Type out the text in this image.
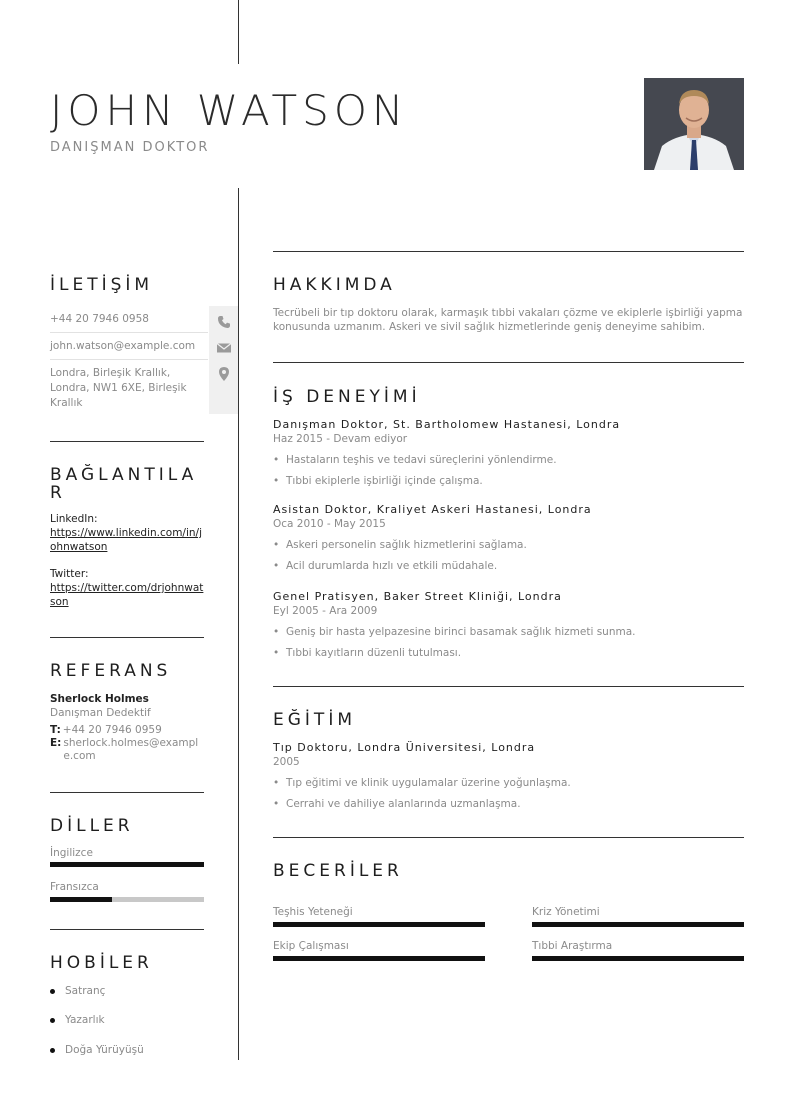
JOHN WATSON
DANIŞMAN DOKTOR
İLETİŞİM
+44 20 7946 0958
john.watson@example.com
Londra, Birleşik Krallık, Londra, NW1 6XE, Birleşik Krallık
BAĞLANTILA R
LinkedIn:
https://www.linkedin.com/in/johnwatson
Twitter:
https://twitter.com/drjohnwatson
REFERANS
Sherlock Holmes
Danışman Dedektif
T: +44 20 7946 0959
E: sherlock.holmes@example.com
DİLLER
İngilizce
Fransızca
HOBİLER
Satranç
Yazarlık
Doğa Yürüyüşü
HAKKIMDA
Tecrübeli bir tıp doktoru olarak, karmaşık tıbbi vakaları çözme ve ekiplerle işbirliği yapma konusunda uzmanım. Askeri ve sivil sağlık hizmetlerinde geniş deneyime sahibim.
İŞ DENEYİMİ
Danışman Doktor, St. Bartholomew Hastanesi, Londra
Haz 2015 - Devam ediyor
• Hastaların teşhis ve tedavi süreçlerini yönlendirme.
• Tıbbi ekiplerle işbirliği içinde çalışma.
Asistan Doktor, Kraliyet Askeri Hastanesi, Londra
Oca 2010 - May 2015
• Askeri personelin sağlık hizmetlerini sağlama.
• Acil durumlarda hızlı ve etkili müdahale.
Genel Pratisyen, Baker Street Kliniği, Londra
Eyl 2005 - Ara 2009
• Geniş bir hasta yelpazesine birinci basamak sağlık hizmeti sunma.
• Tıbbi kayıtların düzenli tutulması.
EĞİTİM
Tıp Doktoru, Londra Üniversitesi, Londra
2005
• Tıp eğitimi ve klinik uygulamalar üzerine yoğunlaşma.
• Cerrahi ve dahiliye alanlarında uzmanlaşma.
BECERİLER
Teşhis Yeteneği	Kriz Yönetimi
Ekip Çalışması	Tıbbi Araştırma
